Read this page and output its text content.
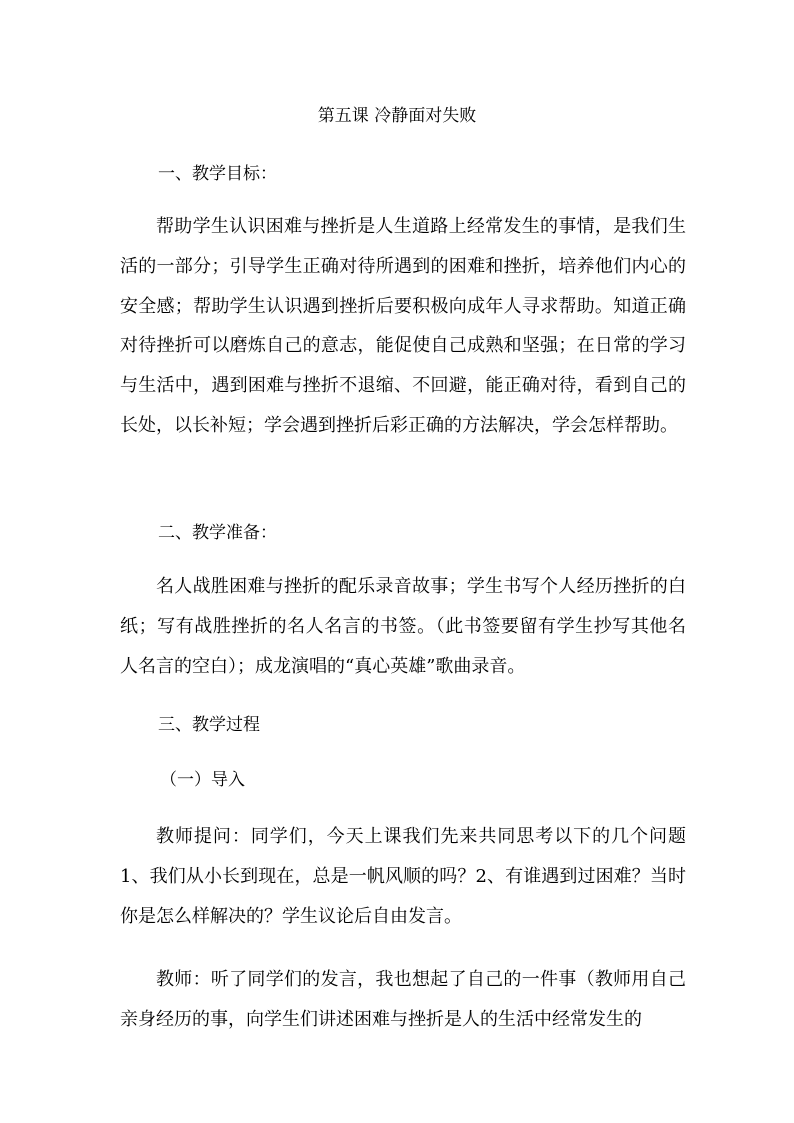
第五课 冷静面对失败
一、教学目标：
帮助学生认识困难与挫折是人生道路上经常发生的事情，是我们生活的一部分；引导学生正确对待所遇到的困难和挫折，培养他们内心的安全感；帮助学生认识遇到挫折后要积极向成年人寻求帮助。知道正确对待挫折可以磨炼自己的意志，能促使自己成熟和坚强；在日常的学习与生活中，遇到困难与挫折不退缩、不回避，能正确对待，看到自己的长处，以长补短；学会遇到挫折后彩正确的方法解决，学会怎样帮助。
二、教学准备：
名人战胜困难与挫折的配乐录音故事；学生书写个人经历挫折的白纸；写有战胜挫折的名人名言的书签。（此书签要留有学生抄写其他名人名言的空白）；成龙演唱的“真心英雄”歌曲录音。
三、教学过程
（一）导入
教师提问：同学们，今天上课我们先来共同思考以下的几个问题1、我们从小长到现在，总是一帆风顺的吗？2、有谁遇到过困难？当时你是怎么样解决的？学生议论后自由发言。
教师：听了同学们的发言，我也想起了自己的一件事（教师用自己亲身经历的事，向学生们讲述困难与挫折是人的生活中经常发生的
